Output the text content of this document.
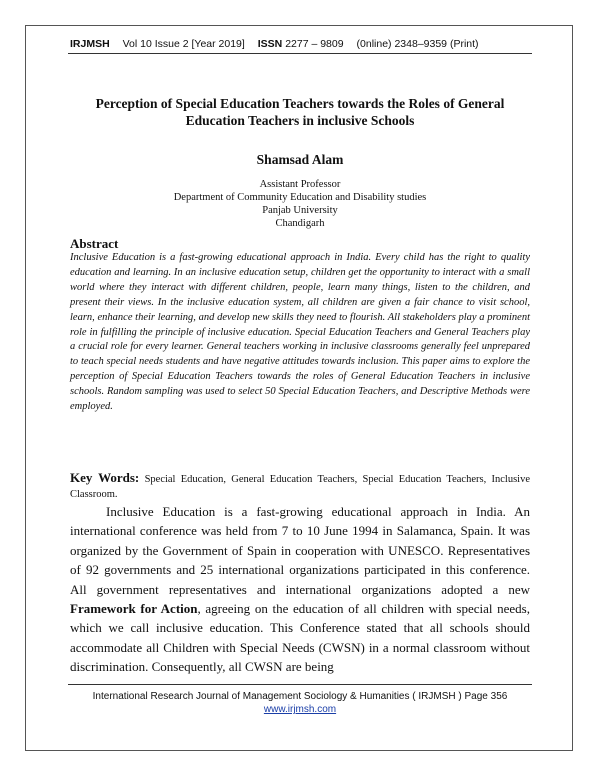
IRJMSH Vol 10 Issue 2 [Year 2019] ISSN 2277 – 9809 (0nline) 2348–9359 (Print)
Perception of Special Education Teachers towards the Roles of General
Education Teachers in inclusive Schools
Shamsad Alam
Assistant Professor
Department of Community Education and Disability studies
Panjab University
Chandigarh
Abstract
Inclusive Education is a fast-growing educational approach in India. Every child has the right to quality education and learning. In an inclusive education setup, children get the opportunity to interact with a small world where they interact with different children, people, learn many things, listen to the children, and present their views. In the inclusive education system, all children are given a fair chance to visit school, learn, enhance their learning, and develop new skills they need to flourish. All stakeholders play a prominent role in fulfilling the principle of inclusive education. Special Education Teachers and General Teachers play a crucial role for every learner. General teachers working in inclusive classrooms generally feel unprepared to teach special needs students and have negative attitudes towards inclusion. This paper aims to explore the perception of Special Education Teachers towards the roles of General Education Teachers in inclusive schools. Random sampling was used to select 50 Special Education Teachers, and Descriptive Methods were employed.
Key Words: Special Education, General Education Teachers, Special Education Teachers, Inclusive Classroom.
Inclusive Education is a fast-growing educational approach in India. An international conference was held from 7 to 10 June 1994 in Salamanca, Spain. It was organized by the Government of Spain in cooperation with UNESCO. Representatives of 92 governments and 25 international organizations participated in this conference. All government representatives and international organizations adopted a new Framework for Action, agreeing on the education of all children with special needs, which we call inclusive education. This Conference stated that all schools should accommodate all Children with Special Needs (CWSN) in a normal classroom without discrimination. Consequently, all CWSN are being
International Research Journal of Management Sociology & Humanities ( IRJMSH ) Page 356
www.irjmsh.com
